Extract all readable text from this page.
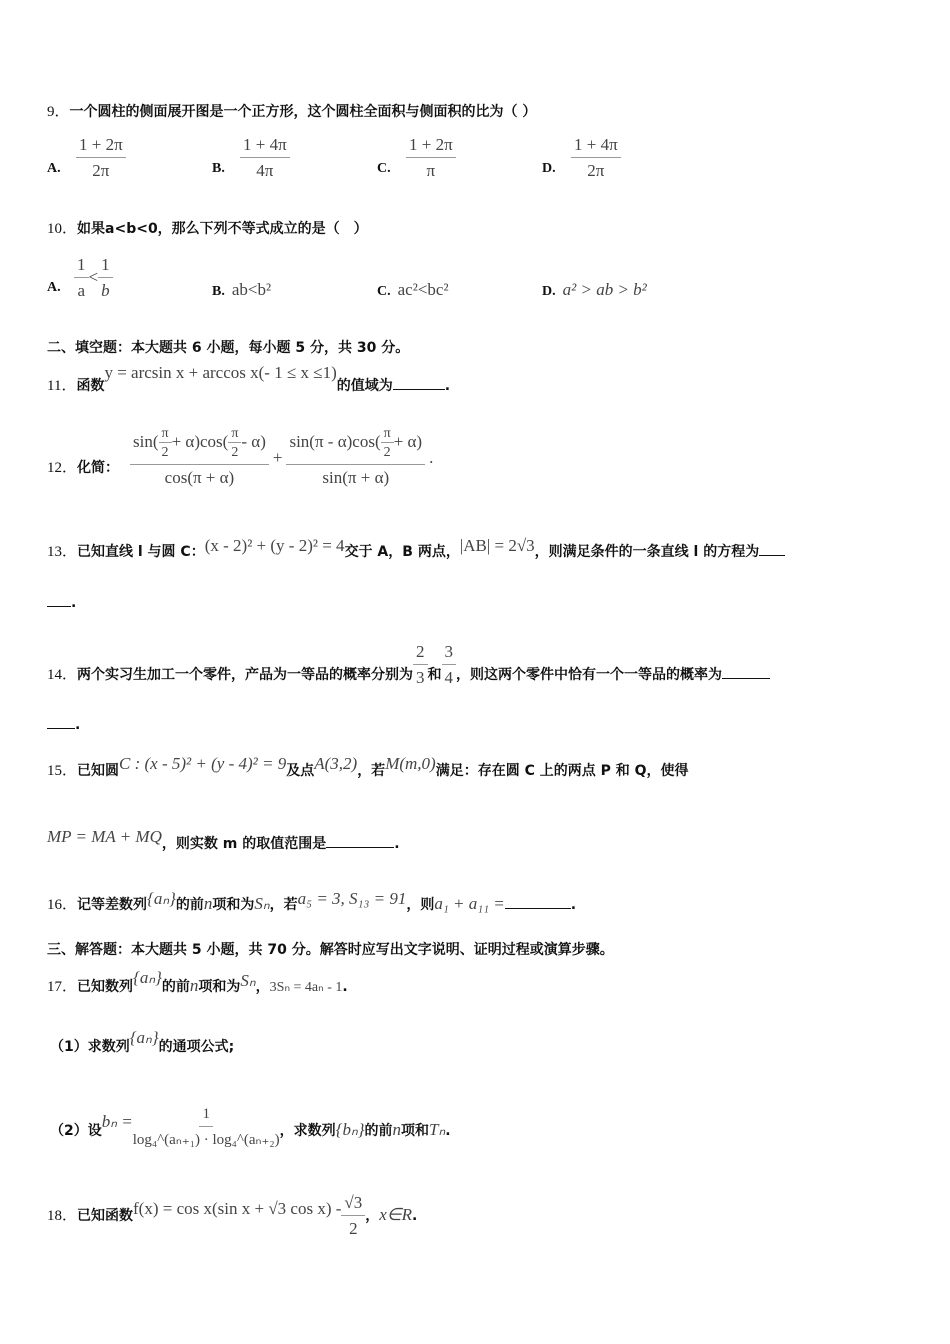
9．一个圆柱的侧面展开图是一个正方形，这个圆柱全面积与侧面积的比为（ ）
A. $\frac{1 + 2\pi}{2\pi}$	B. $\frac{1 + 4\pi}{4\pi}$	C. $\frac{1 + 2\pi}{\pi}$	D. $\frac{1 + 4\pi}{2\pi}$
10．如果a<b<0，那么下列不等式成立的是（　）
A. $\frac{1}{a} < \frac{1}{b}$	B. ab<b²	C. ac²<bc²	D. a² > ab > b²
二、填空题：本大题共 6 小题，每小题 5 分，共 30 分。
11．函数y = arcsin x + arccos x(- 1 ≤ x ≤1)的值域为	.
12．化简： $\frac{\sin( \frac{\pi}{2} + \alpha)\cos( \frac{\pi}{2} - \alpha)}{\cos(\pi + \alpha)} + \frac{\sin(\pi - \alpha)\cos( \frac{\pi}{2} + \alpha)}{\sin(\pi + \alpha)}$ .
13．已知直线 l 与圆 C：(x - 2)² + (y - 2)² = 4交于 A，B 两点，|AB| = 2√3，则满足条件的一条直线 l 的方程为
.
14．两个实习生加工一个零件，产品为一等品的概率分别为 $\frac{2}{3}$ 和 $\frac{3}{4}$ ，则这两个零件中恰有一个一等品的概率为
.
15．已知圆C : (x - 5)² + (y - 4)² = 9及点A(3,2)，若M(m,0)满足：存在圆 C 上的两点 P 和 Q，使得
MP = MA + MQ，则实数 m 的取值范围是	.
16．记等差数列{aₙ}的前n项和为Sₙ，若a₅ = 3, S₁₃ = 91，则a₁ + a₁₁ =	.
三、解答题：本大题共 5 小题，共 70 分。解答时应写出文字说明、证明过程或演算步骤。
17．已知数列{aₙ}的前n项和为Sₙ，3Sₙ = 4aₙ - 1.
（1）求数列{aₙ}的通项公式;
（2）设$b_n = \frac{1}{\text{log₄\textasciicircum{}(aₙ₊₁) · log₄\textasciicircum{}(aₙ₊₂)}}$ ，求数列{bₙ}的前n项和Tₙ.
18．已知函数f(x) = cos x(sin x + √3 $\cos x) - \frac{√3}{2}$ ，x∈R.
